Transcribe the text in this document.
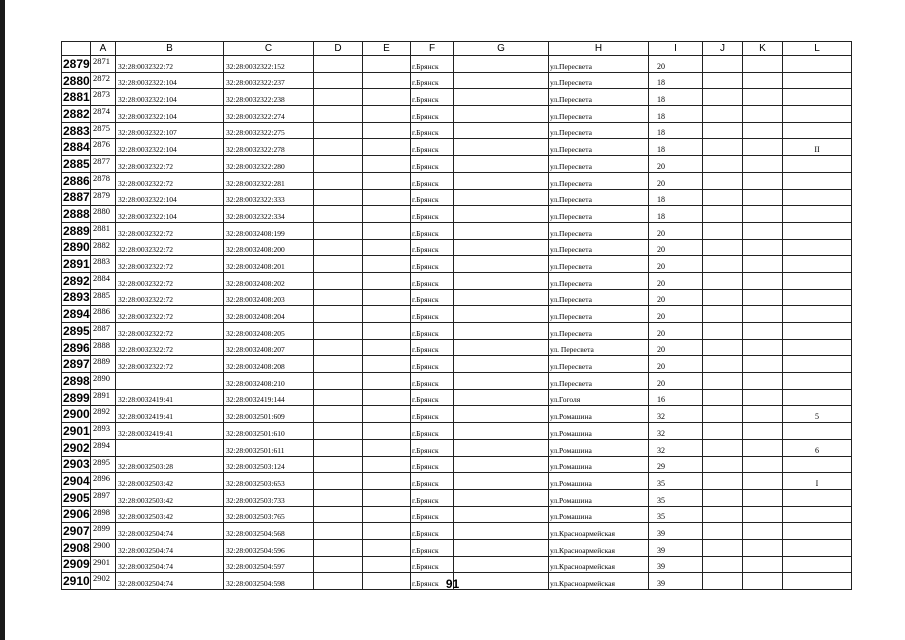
	A	B	C	D	E	F	G	H	I	J	K	L
2879	2871	32:28:0032322:72	32:28:0032322:152			г.Брянск		ул.Пересвета	20			
2880	2872	32:28:0032322:104	32:28:0032322:237			г.Брянск		ул.Пересвета	18			
2881	2873	32:28:0032322:104	32:28:0032322:238			г.Брянск		ул.Пересвета	18			
2882	2874	32:28:0032322:104	32:28:0032322:274			г.Брянск		ул.Пересвета	18			
2883	2875	32:28:0032322:107	32:28:0032322:275			г.Брянск		ул.Пересвета	18			
2884	2876	32:28:0032322:104	32:28:0032322:278			г.Брянск		ул.Пересвета	18			II
2885	2877	32:28:0032322:72	32:28:0032322:280			г.Брянск		ул.Пересвета	20			
2886	2878	32:28:0032322:72	32:28:0032322:281			г.Брянск		ул.Пересвета	20			
2887	2879	32:28:0032322:104	32:28:0032322:333			г.Брянск		ул.Пересвета	18			
2888	2880	32:28:0032322:104	32:28:0032322:334			г.Брянск		ул.Пересвета	18			
2889	2881	32:28:0032322:72	32:28:0032408:199			г.Брянск		ул.Пересвета	20			
2890	2882	32:28:0032322:72	32:28:0032408:200			г.Брянск		ул.Пересвета	20			
2891	2883	32:28:0032322:72	32:28:0032408:201			г.Брянск		ул.Пересвета	20			
2892	2884	32:28:0032322:72	32:28:0032408:202			г.Брянск		ул.Пересвета	20			
2893	2885	32:28:0032322:72	32:28:0032408:203			г.Брянск		ул.Пересвета	20			
2894	2886	32:28:0032322:72	32:28:0032408:204			г.Брянск		ул.Пересвета	20			
2895	2887	32:28:0032322:72	32:28:0032408:205			г.Брянск		ул.Пересвета	20			
2896	2888	32:28:0032322:72	32:28:0032408:207			г.Брянск		ул. Пересвета	20			
2897	2889	32:28:0032322:72	32:28:0032408:208			г.Брянск		ул.Пересвета	20			
2898	2890		32:28:0032408:210			г.Брянск		ул.Пересвета	20			
2899	2891	32:28:0032419:41	32:28:0032419:144			г.Брянск		ул.Гоголя	16			
2900	2892	32:28:0032419:41	32:28:0032501:609			г.Брянск		ул.Ромашина	32			5
2901	2893	32:28:0032419:41	32:28:0032501:610			г.Брянск		ул.Ромашина	32			
2902	2894		32:28:0032501:611			г.Брянск		ул.Ромашина	32			6
2903	2895	32:28:0032503:28	32:28:0032503:124			г.Брянск		ул.Ромашина	29			
2904	2896	32:28:0032503:42	32:28:0032503:653			г.Брянск		ул.Ромашина	35			I
2905	2897	32:28:0032503:42	32:28:0032503:733			г.Брянск		ул.Ромашина	35			
2906	2898	32:28:0032503:42	32:28:0032503:765			г.Брянск		ул.Ромашина	35			
2907	2899	32:28:0032504:74	32:28:0032504:568			г.Брянск		ул.Красноармейская	39			
2908	2900	32:28:0032504:74	32:28:0032504:596			г.Брянск		ул.Красноармейская	39			
2909	2901	32:28:0032504:74	32:28:0032504:597			г.Брянск		ул.Красноармейская	39			
2910	2902	32:28:0032504:74	32:28:0032504:598			г.Брянск		ул.Красноармейская	39			
91
